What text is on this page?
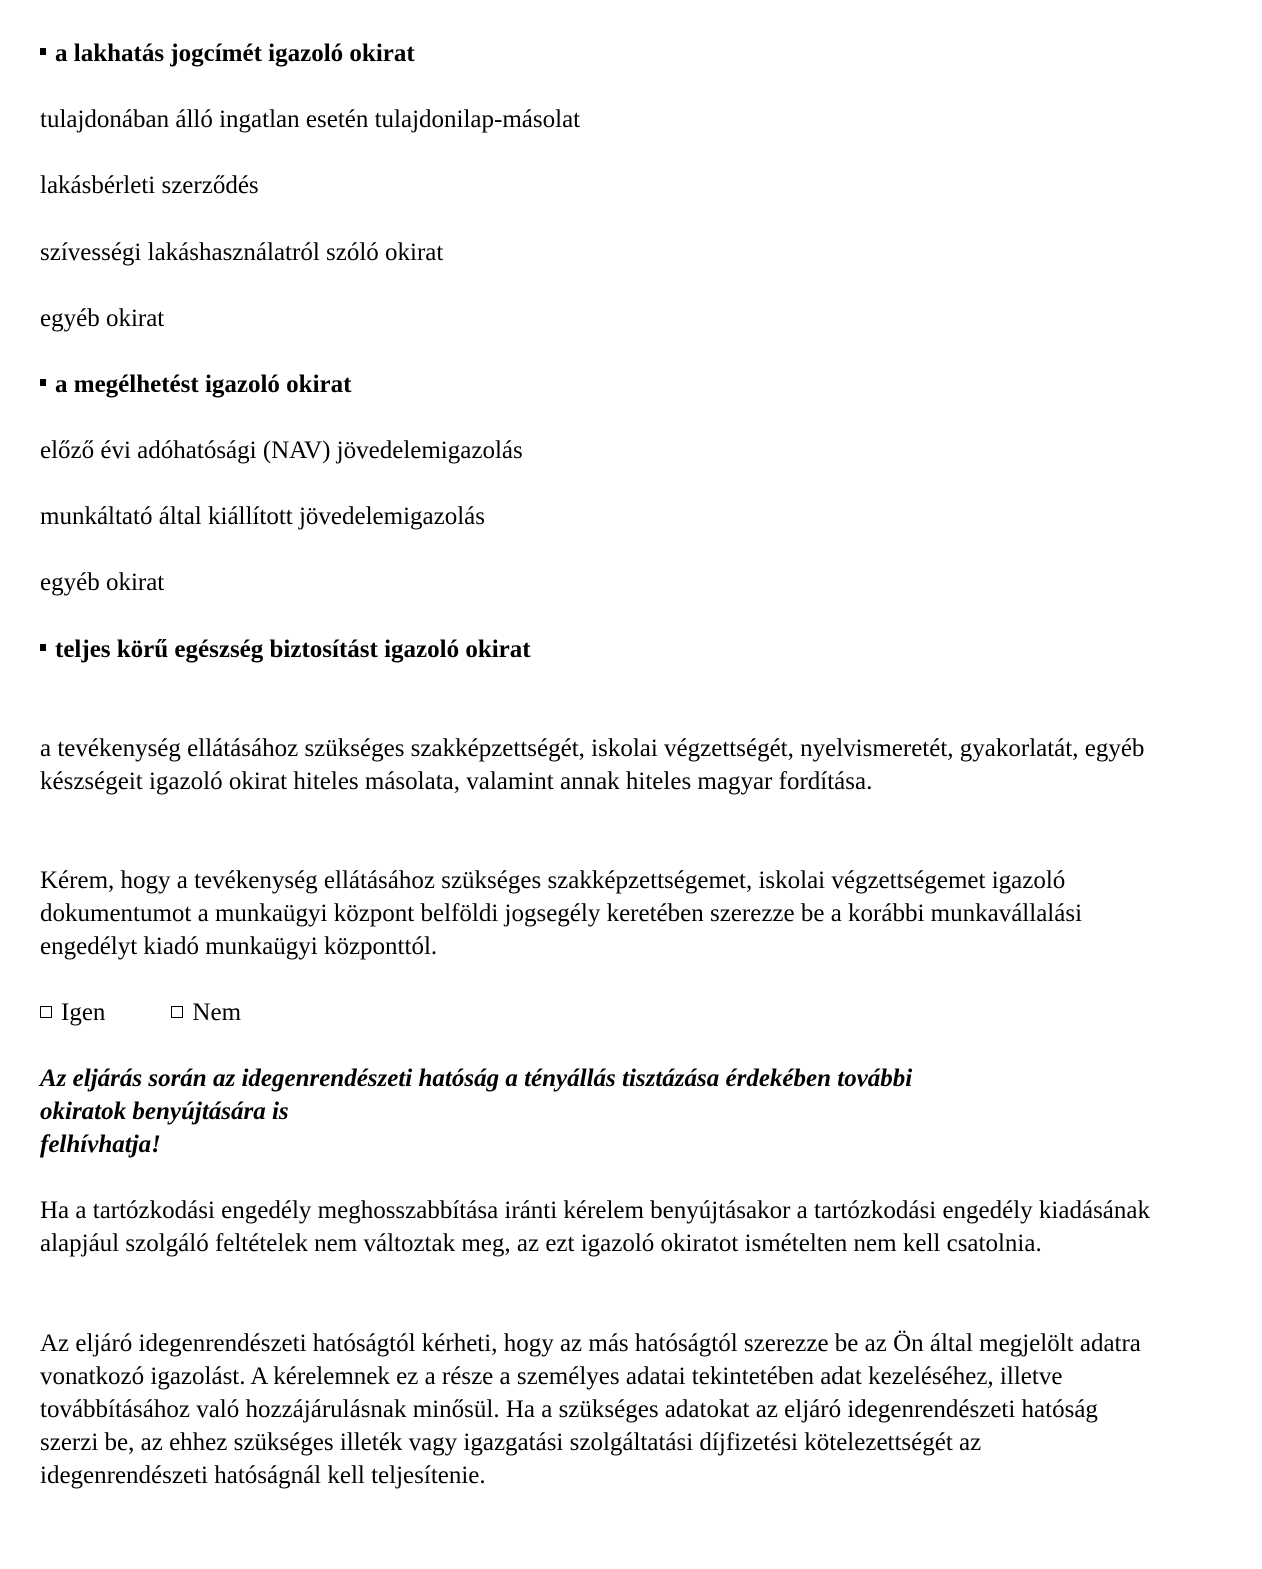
a lakhatás jogcímét igazoló okirat
tulajdonában álló ingatlan esetén tulajdonilap-másolat
lakásbérleti szerződés
szívességi lakáshasználatról szóló okirat
egyéb okirat
a megélhetést igazoló okirat
előző évi adóhatósági (NAV) jövedelemigazolás
munkáltató által kiállított jövedelemigazolás
egyéb okirat
teljes körű egészség biztosítást igazoló okirat
a tevékenység ellátásához szükséges szakképzettségét, iskolai végzettségét, nyelvismeretét, gyakorlatát, egyéb készségeit igazoló okirat hiteles másolata, valamint annak hiteles magyar fordítása.
Kérem, hogy a tevékenység ellátásához szükséges szakképzettségemet, iskolai végzettségemet igazoló dokumentumot a munkaügyi központ belföldi jogsegély keretében szerezze be a korábbi munkavállalási engedélyt kiadó munkaügyi központtól.
Igen	Nem
Az eljárás során az idegenrendészeti hatóság a tényállás tisztázása érdekében további
okiratok benyújtására is
felhívhatja!
Ha a tartózkodási engedély meghosszabbítása iránti kérelem benyújtásakor a tartózkodási engedély kiadásának alapjául szolgáló feltételek nem változtak meg, az ezt igazoló okiratot ismételten nem kell csatolnia.
Az eljáró idegenrendészeti hatóságtól kérheti, hogy az más hatóságtól szerezze be az Ön által megjelölt adatra vonatkozó igazolást. A kérelemnek ez a része a személyes adatai tekintetében adat kezeléséhez, illetve továbbításához való hozzájárulásnak minősül. Ha a szükséges adatokat az eljáró idegenrendészeti hatóság szerzi be, az ehhez szükséges illeték vagy igazgatási szolgáltatási díjfizetési kötelezettségét az idegenrendészeti hatóságnál kell teljesítenie.
